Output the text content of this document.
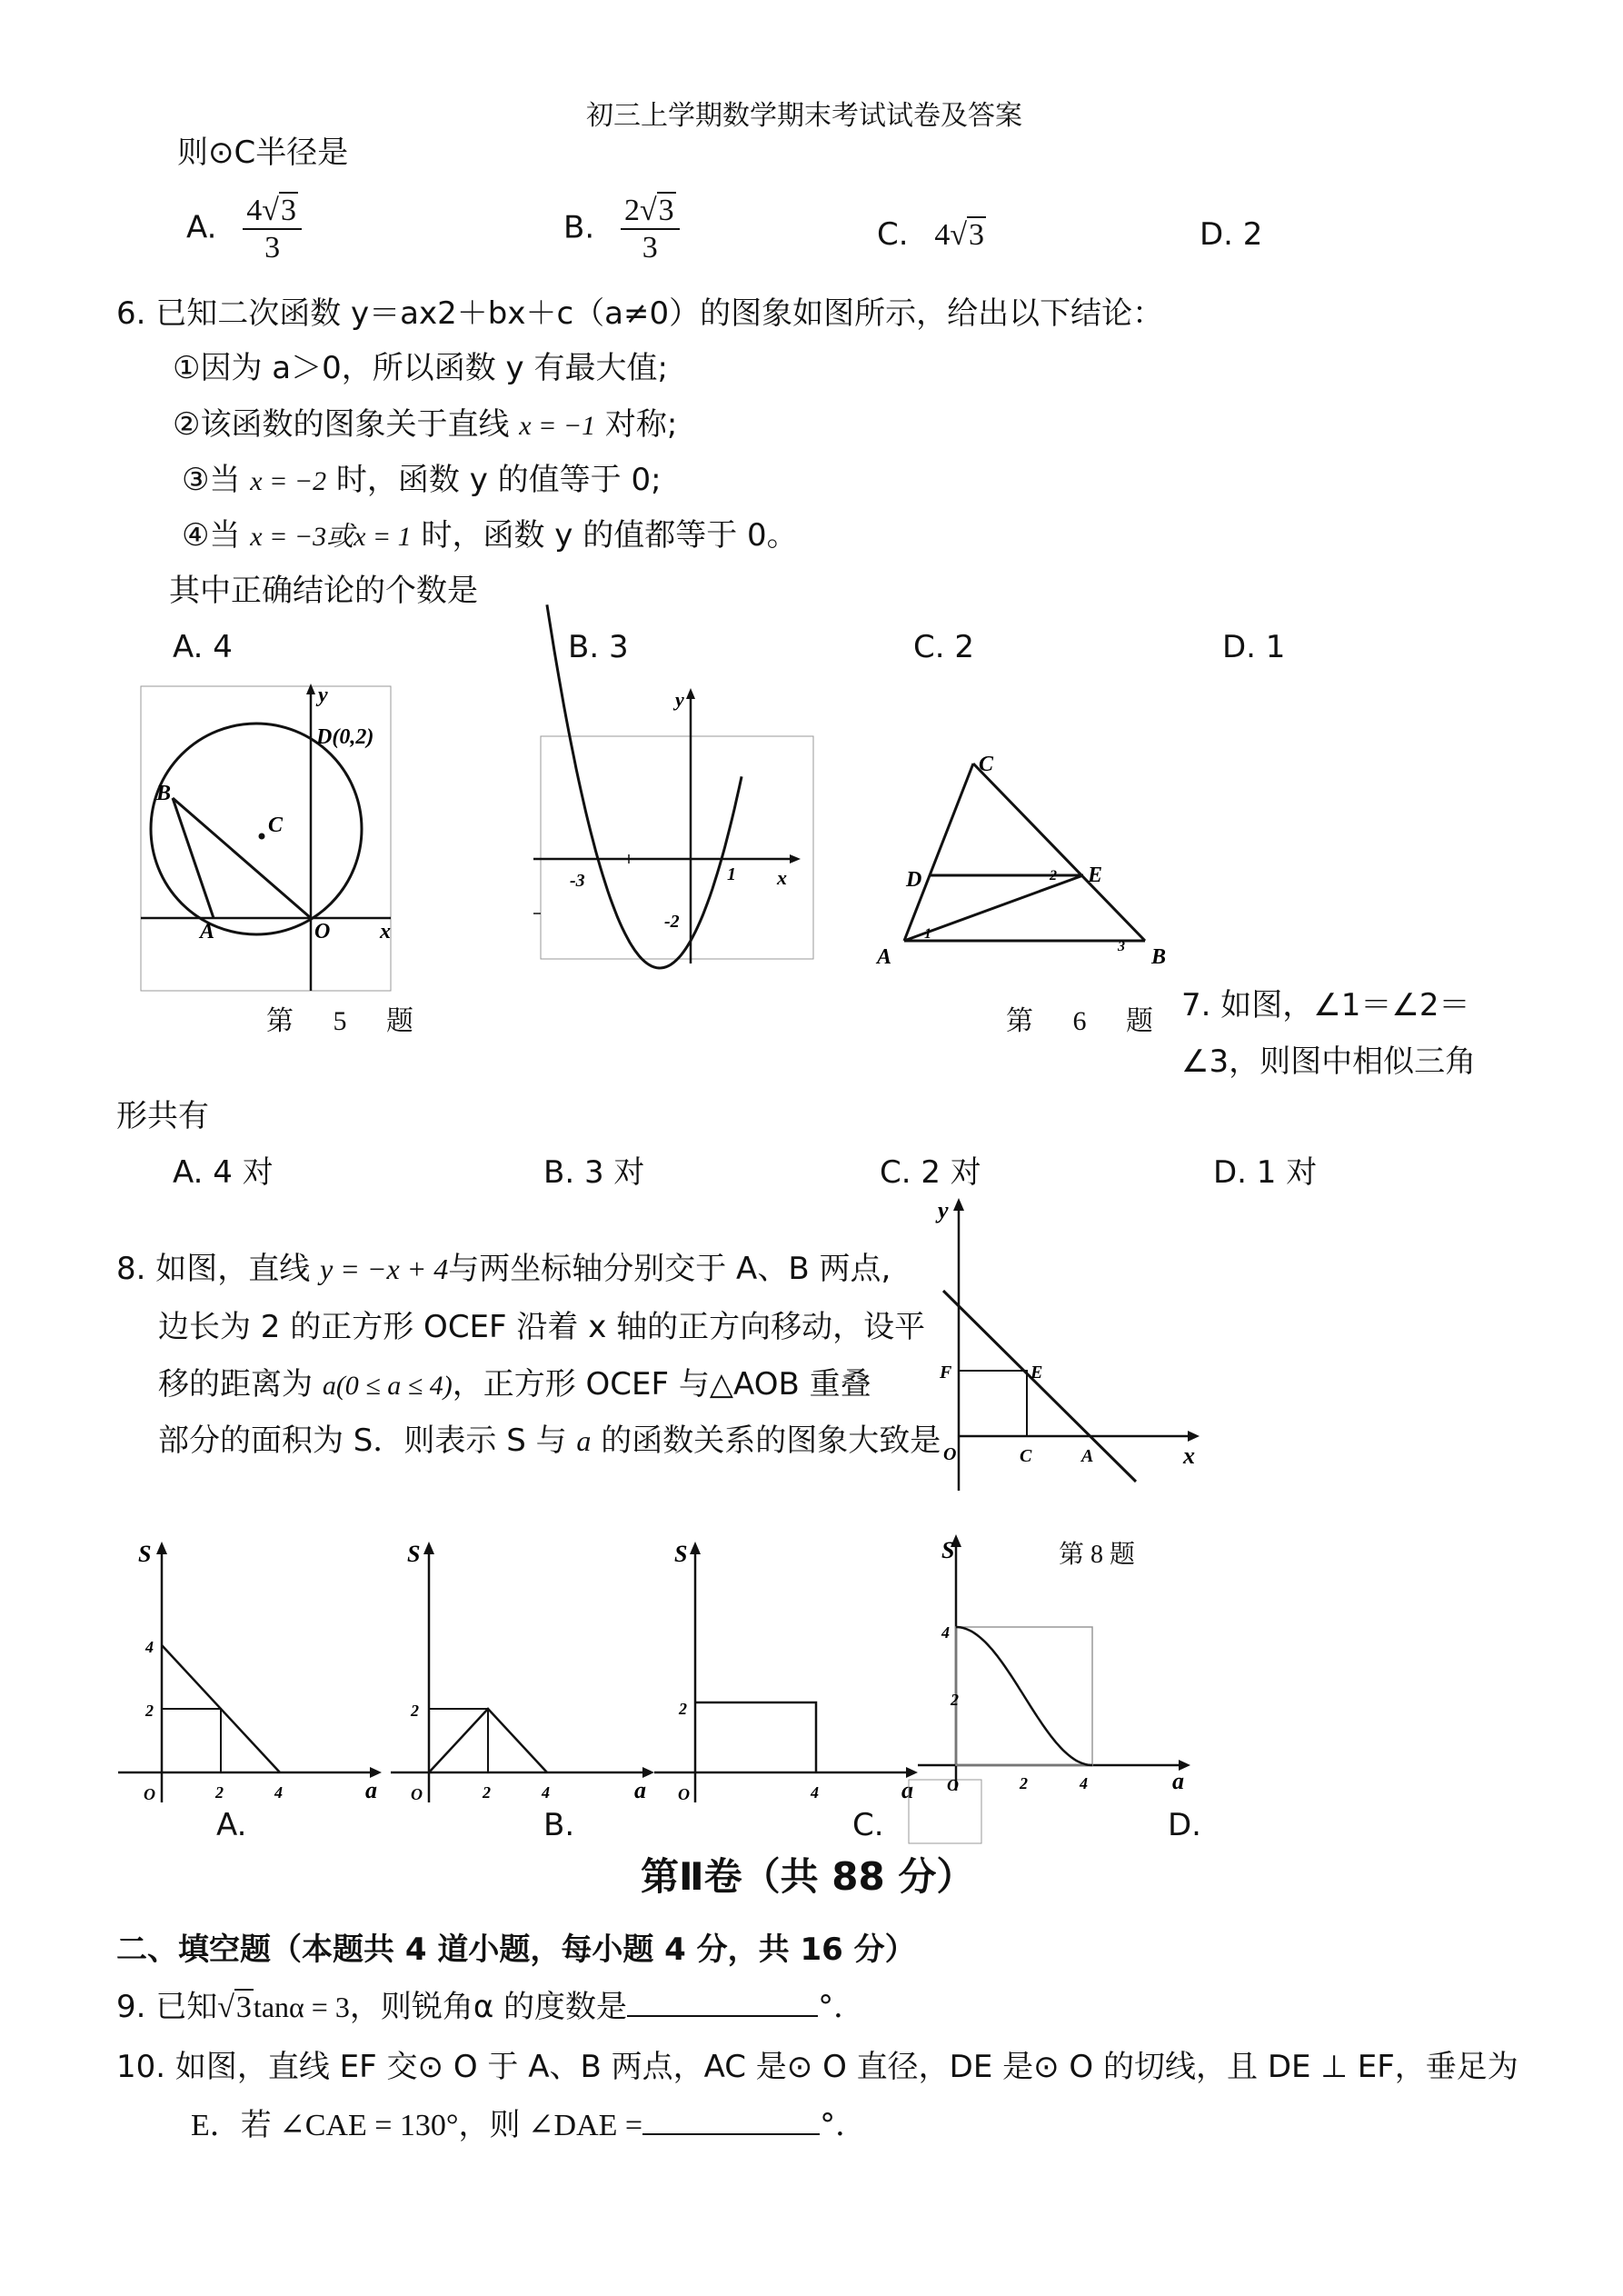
初三上学期数学期末考试试卷及答案
则⊙C半径是
A. $\frac{4√3}{3}$	B. $\frac{2√3}{3}$	C. 4√3	D. 2
6. 已知二次函数 y＝ax2＋bx＋c（a≠0）的图象如图所示，给出以下结论：
①因为 a＞0，所以函数 y 有最大值;
②该函数的图象关于直线 x = −1 对称;
③当 x = −2 时，函数 y 的值等于 0;
④当 x = −3或x = 1 时，函数 y 的值都等于 0。
其中正确结论的个数是
A. 4	B. 3	C. 2	D. 1
y
D(0,2)
B
C
A	O x
第 5 题
y
x
-3	1
-2
C
D	E
A	B
1
2
3
第 6 题 7. 如图，∠1＝∠2＝
∠3，则图中相似三角
形共有
A. 4 对	B. 3 对	C. 2 对	D. 1 对
y
F	E
O	C	A	x
8. 如图，直线 y = −x + 4与两坐标轴分别交于 A、B 两点,
边长为 2 的正方形 OCEF 沿着 x 轴的正方向移动，设平
移的距离为 a(0 ≤ a ≤ 4)，正方形 OCEF 与△AOB 重叠
部分的面积为 S．则表示 S 与 a 的函数关系的图象大致是
第 8 题
S
2
4
O	2	4	a
S
2
O	2	4	a
S
2
O	4	a
S
4
2
O	2	4	a
A.	B.	C.	D.
第Ⅱ卷（共 88 分）
二、填空题（本题共 4 道小题，每小题 4 分，共 16 分）
9. 已知√3tanα = 3，则锐角α 的度数是	°．
10. 如图，直线 EF 交⊙ O 于 A、B 两点，AC 是⊙ O 直径，DE 是⊙ O 的切线，且 DE ⊥ EF，垂足为
E．若 ∠CAE = 130°，则 ∠DAE =	°．
